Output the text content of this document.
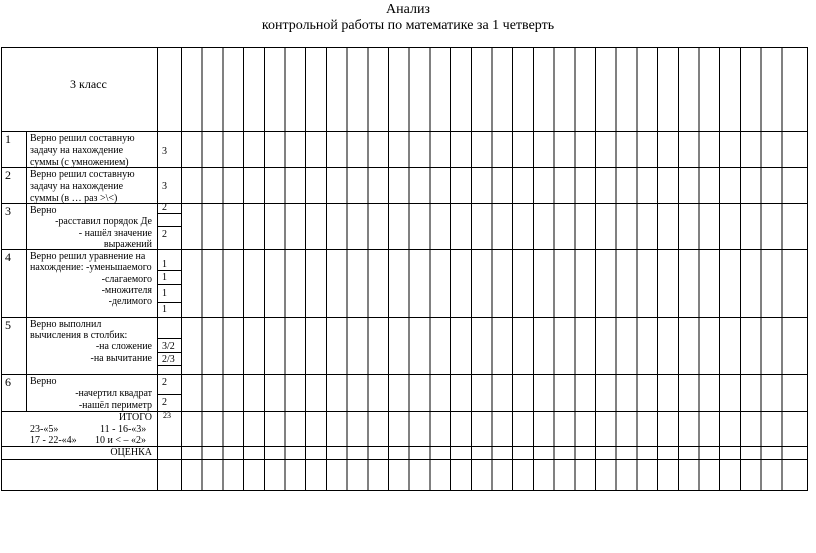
Анализ
контрольной работы по математике за 1 четверть
3 класс
1 Верно решил составную
задачу на нахождение
суммы (с умножением)
3
2 Верно решил составную
задачу на нахождение
суммы (в … раз >\<)
3
3 Верно
-расставил порядок Де
- нашёл значение
выражений
2
2
4 Верно решил уравнение на
нахождение: -уменьшаемого
-слагаемого
-множителя
-делимого
1
1
1
1
5 Верно выполнил
вычисления в столбик:
-на сложение
-на вычитание
3/2
2/3
6 Верно
-начертил квадрат
-нашёл периметр
2
2
ИТОГО 23
23-«5»	11 - 16-«3»
17 - 22-«4» 10 и < – «2»
ОЦЕНКА
